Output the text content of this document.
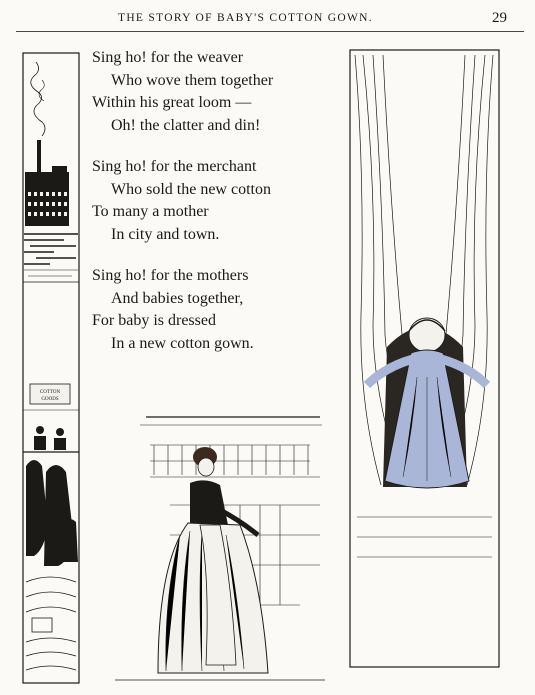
THE STORY OF BABY'S COTTON GOWN.	29
Sing ho! for the weaver
Who wove them together
Within his great loom —
Oh! the clatter and din!
Sing ho! for the merchant
Who sold the new cotton
To many a mother
In city and town.
Sing ho! for the mothers
And babies together,
For baby is dressed
In a new cotton gown.
COTTON
GOODS
